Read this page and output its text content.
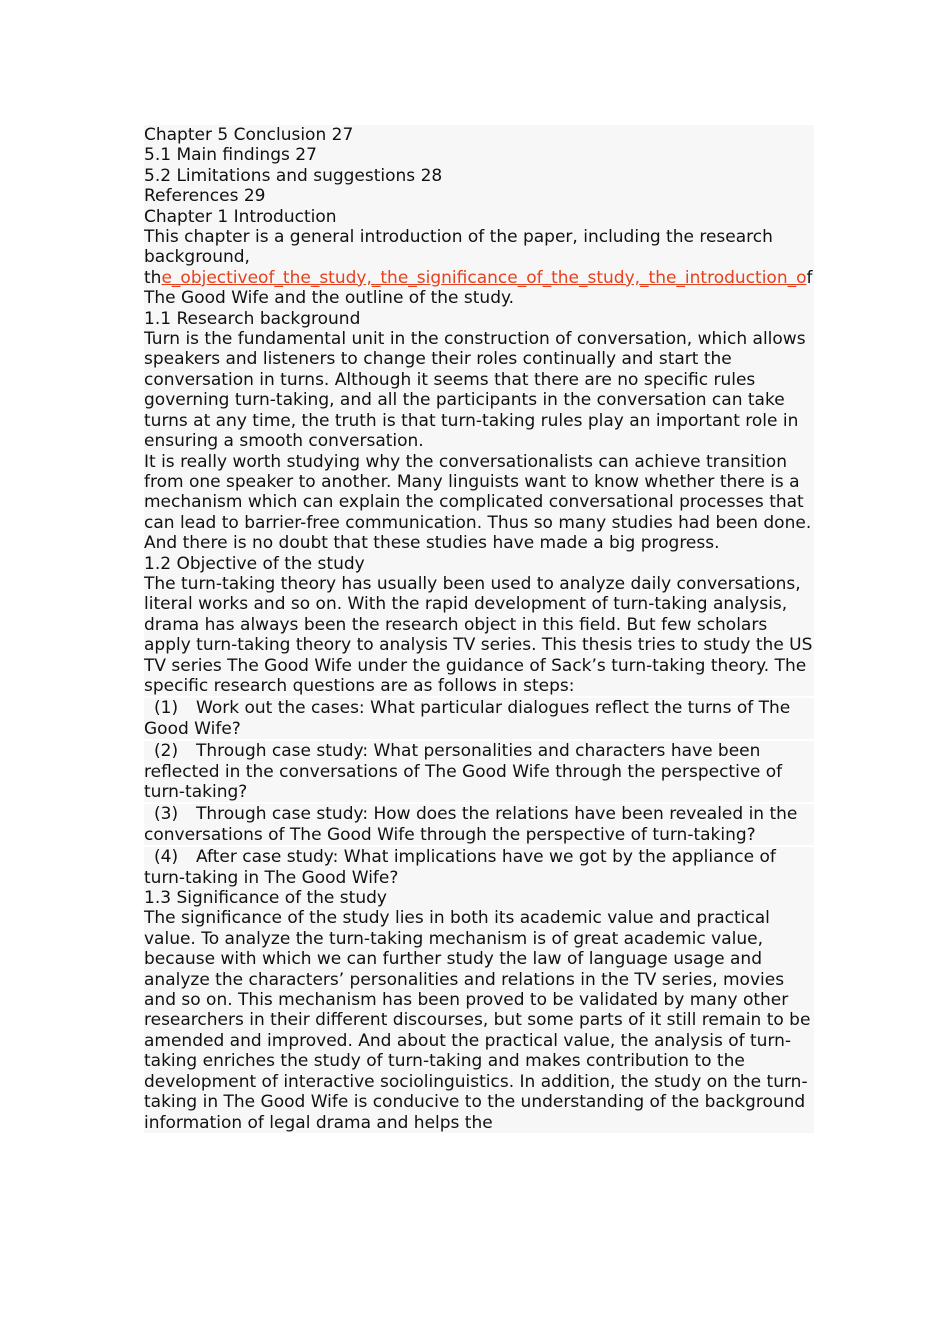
Chapter 5 Conclusion 27
5.1 Main findings 27
5.2 Limitations and suggestions 28
References 29
Chapter 1 Introduction
This chapter is a general introduction of the paper, including the research background,
the_objectiveof_the_study,_the_significance_of_the_study,_the_introduction_of
The Good Wife and the outline of the study.
1.1 Research background
Turn is the fundamental unit in the construction of conversation, which allows speakers and listeners to change their roles continually and start the conversation in turns. Although it seems that there are no specific rules governing turn-taking, and all the participants in the conversation can take turns at any time, the truth is that turn-taking rules play an important role in ensuring a smooth conversation.
It is really worth studying why the conversationalists can achieve transition from one speaker to another. Many linguists want to know whether there is a mechanism which can explain the complicated conversational processes that can lead to barrier-free communication. Thus so many studies had been done. And there is no doubt that these studies have made a big progress.
1.2 Objective of the study
The turn-taking theory has usually been used to analyze daily conversations, literal works and so on. With the rapid development of turn-taking analysis, drama has always been the research object in this field. But few scholars apply turn-taking theory to analysis TV series. This thesis tries to study the US TV series The Good Wife under the guidance of Sack’s turn-taking theory. The specific research questions are as follows in steps:
(1) Work out the cases: What particular dialogues reflect the turns of The Good Wife?
(2) Through case study: What personalities and characters have been reflected in the conversations of The Good Wife through the perspective of turn-taking?
(3) Through case study: How does the relations have been revealed in the conversations of The Good Wife through the perspective of turn-taking?
(4) After case study: What implications have we got by the appliance of turn-taking in The Good Wife?
1.3 Significance of the study
The significance of the study lies in both its academic value and practical value. To analyze the turn-taking mechanism is of great academic value, because with which we can further study the law of language usage and analyze the characters’ personalities and relations in the TV series, movies and so on. This mechanism has been proved to be validated by many other researchers in their different discourses, but some parts of it still remain to be amended and improved. And about the practical value, the analysis of turn-taking enriches the study of turn-taking and makes contribution to the development of interactive sociolinguistics. In addition, the study on the turn-taking in The Good Wife is conducive to the understanding of the background information of legal drama and helps the
